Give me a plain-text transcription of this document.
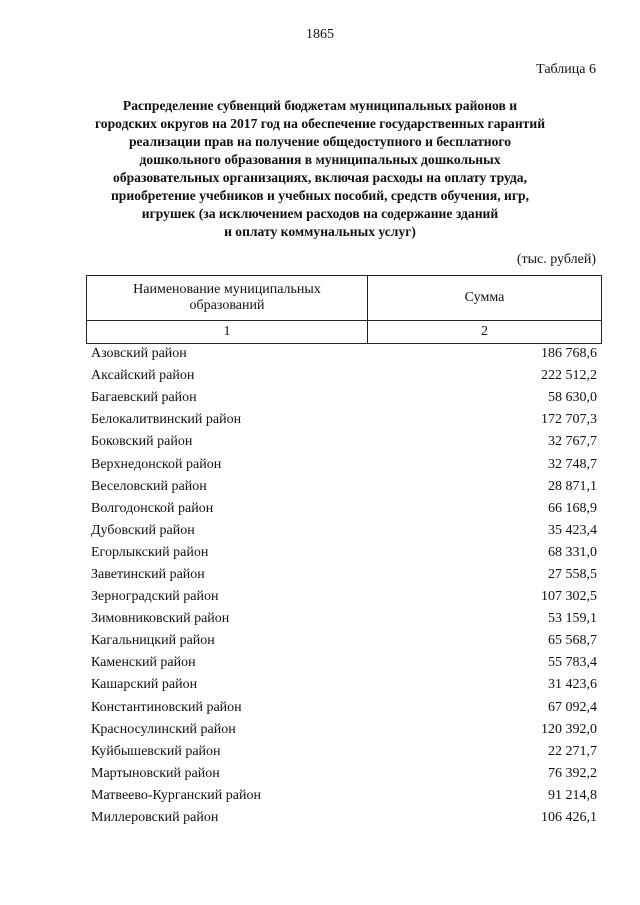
1865
Таблица 6
Распределение субвенций бюджетам муниципальных районов и
городских округов на 2017 год на обеспечение государственных гарантий
реализации прав на получение общедоступного и бесплатного
дошкольного образования в муниципальных дошкольных
образовательных организациях, включая расходы на оплату труда,
приобретение учебников и учебных пособий, средств обучения, игр,
игрушек (за исключением расходов на содержание зданий
и оплату коммунальных услуг)
(тыс. рублей)
Наименование муниципальных
образований	Сумма
1	2
Азовский район	186 768,6
Аксайский район	222 512,2
Багаевский район	58 630,0
Белокалитвинский район	172 707,3
Боковский район	32 767,7
Верхнедонской район	32 748,7
Веселовский район	28 871,1
Волгодонской район	66 168,9
Дубовский район	35 423,4
Егорлыкский район	68 331,0
Заветинский район	27 558,5
Зерноградский район	107 302,5
Зимовниковский район	53 159,1
Кагальницкий район	65 568,7
Каменский район	55 783,4
Кашарский район	31 423,6
Константиновский район	67 092,4
Красносулинский район	120 392,0
Куйбышевский район	22 271,7
Мартыновский район	76 392,2
Матвеево-Курганский район	91 214,8
Миллеровский район	106 426,1
